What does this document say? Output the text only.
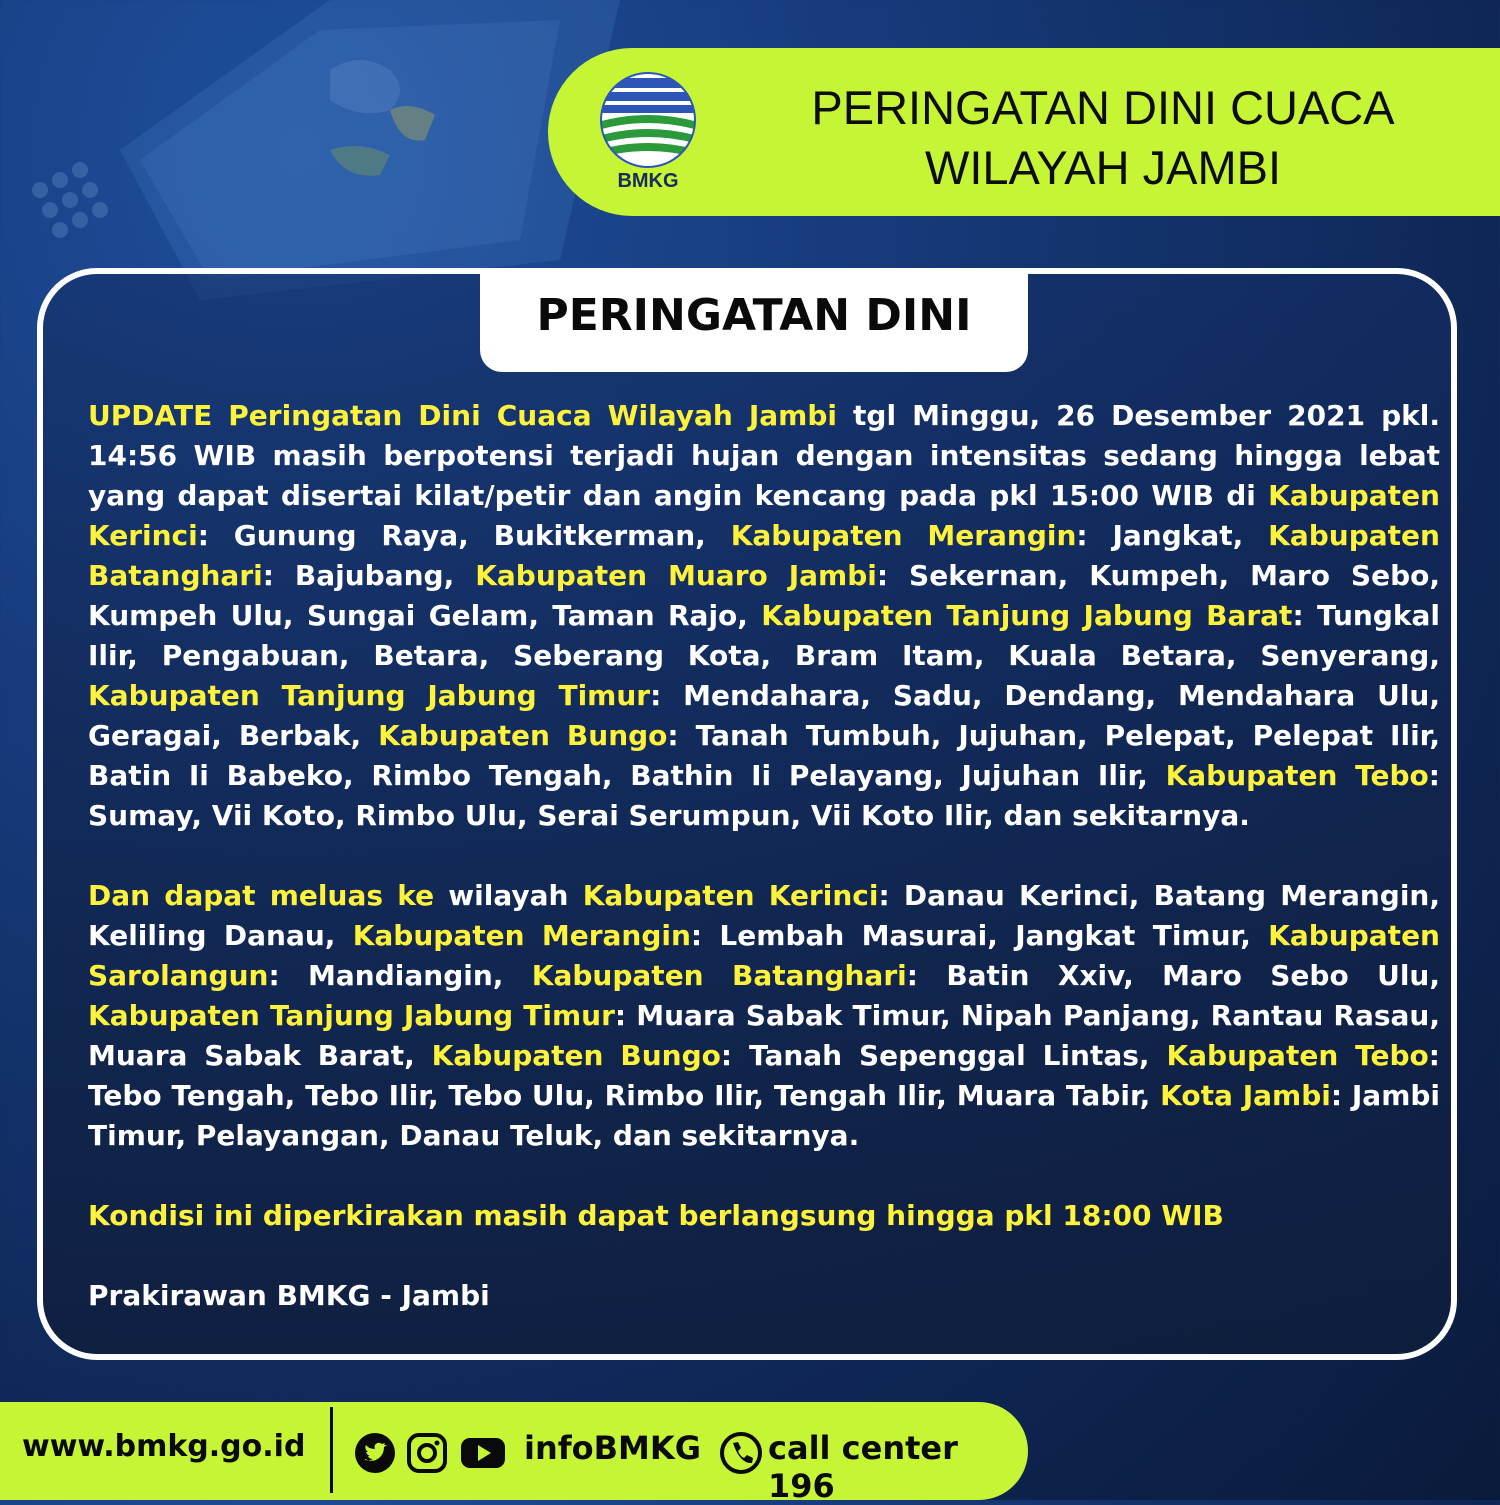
BMKG
PERINGATAN DINI CUACA
WILAYAH JAMBI
PERINGATAN DINI

UPDATE Peringatan Dini Cuaca Wilayah Jambi tgl Minggu, 26 Desember 2021 pkl. 14:56 WIB masih berpotensi terjadi hujan dengan intensitas sedang hingga lebat yang dapat disertai kilat/petir dan angin kencang pada pkl 15:00 WIB di Kabupaten Kerinci: Gunung Raya, Bukitkerman, Kabupaten Merangin: Jangkat, Kabupaten Batanghari: Bajubang, Kabupaten Muaro Jambi: Sekernan, Kumpeh, Maro Sebo, Kumpeh Ulu, Sungai Gelam, Taman Rajo, Kabupaten Tanjung Jabung Barat: Tungkal Ilir, Pengabuan, Betara, Seberang Kota, Bram Itam, Kuala Betara, Senyerang, Kabupaten Tanjung Jabung Timur: Mendahara, Sadu, Dendang, Mendahara Ulu, Geragai, Berbak, Kabupaten Bungo: Tanah Tumbuh, Jujuhan, Pelepat, Pelepat Ilir, Batin Ii Babeko, Rimbo Tengah, Bathin Ii Pelayang, Jujuhan Ilir, Kabupaten Tebo: Sumay, Vii Koto, Rimbo Ulu, Serai Serumpun, Vii Koto Ilir, dan sekitarnya.

Dan dapat meluas ke wilayah Kabupaten Kerinci: Danau Kerinci, Batang Merangin, Keliling Danau, Kabupaten Merangin: Lembah Masurai, Jangkat Timur, Kabupaten Sarolangun: Mandiangin, Kabupaten Batanghari: Batin Xxiv, Maro Sebo Ulu, Kabupaten Tanjung Jabung Timur: Muara Sabak Timur, Nipah Panjang, Rantau Rasau, Muara Sabak Barat, Kabupaten Bungo: Tanah Sepenggal Lintas, Kabupaten Tebo: Tebo Tengah, Tebo Ilir, Tebo Ulu, Rimbo Ilir, Tengah Ilir, Muara Tabir, Kota Jambi: Jambi Timur, Pelayangan, Danau Teluk, dan sekitarnya.

Kondisi ini diperkirakan masih dapat berlangsung hingga pkl 18:00 WIB

Prakirawan BMKG - Jambi

www.bmkg.go.id	infoBMKG call center 196
